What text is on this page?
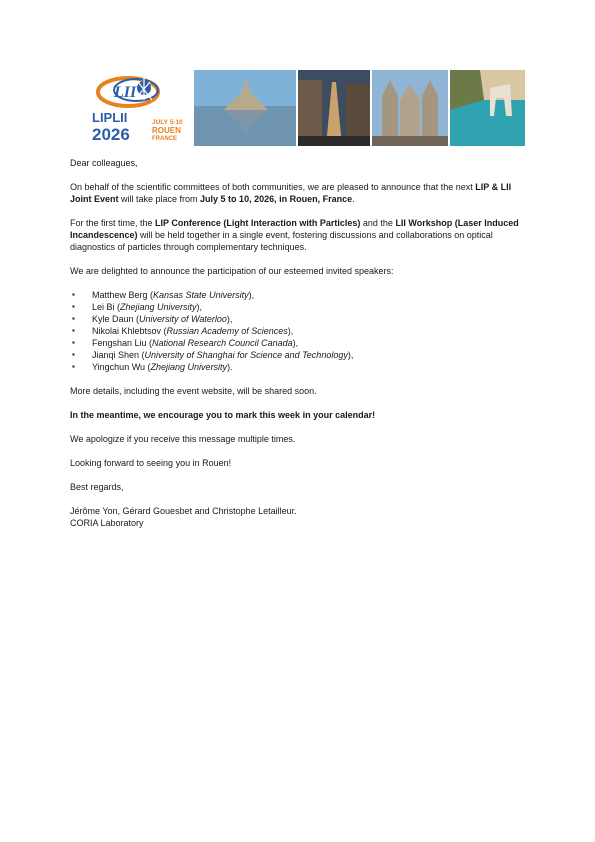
LII
LIPLII
2026
JULY 5-10
ROUEN
FRANCE

Dear colleagues,

On behalf of the scientific committees of both communities, we are pleased to announce that the next LIP & LII Joint Event will take place from July 5 to 10, 2026, in Rouen, France.

For the first time, the LIP Conference (Light Interaction with Particles) and the LII Workshop (Laser Induced Incandescence) will be held together in a single event, fostering discussions and collaborations on optical diagnostics of particles through complementary techniques.

We are delighted to announce the participation of our esteemed invited speakers:

▪ Matthew Berg (Kansas State University),
▪ Lei Bi (Zhejiang University),
▪ Kyle Daun (University of Waterloo),
▪ Nikolai Khlebtsov (Russian Academy of Sciences),
▪ Fengshan Liu (National Research Council Canada),
▪ Jianqi Shen (University of Shanghai for Science and Technology),
▪ Yingchun Wu (Zhejiang University).

More details, including the event website, will be shared soon.

In the meantime, we encourage you to mark this week in your calendar!

We apologize if you receive this message multiple times.

Looking forward to seeing you in Rouen!

Best regards,

Jérôme Yon, Gérard Gouesbet and Christophe Letailleur.

CORIA Laboratory
